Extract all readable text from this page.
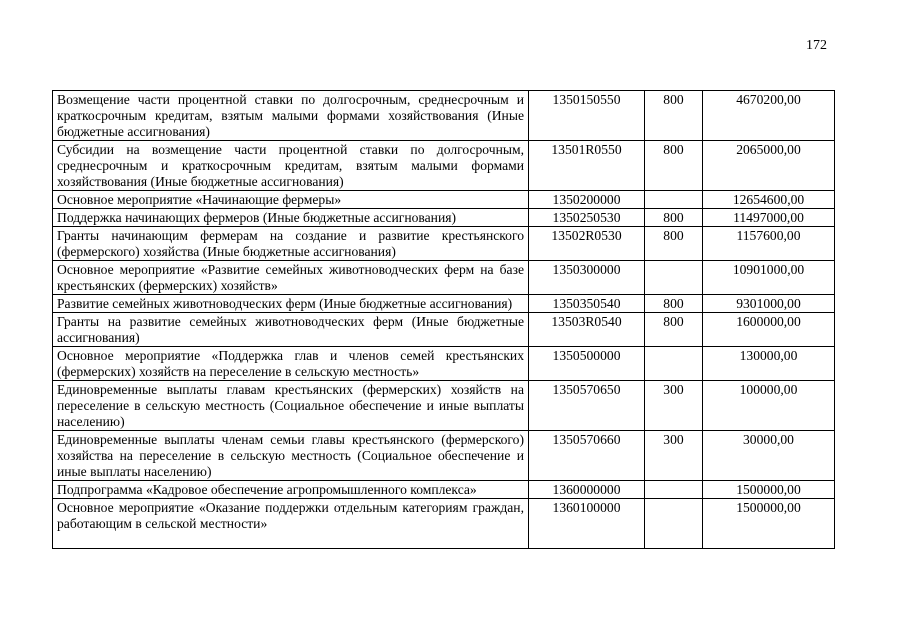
172
Возмещение части процентной ставки по долгосрочным, среднесрочным и краткосрочным кредитам, взятым малыми формами хозяйствования (Иные бюджетные ассигнования)	1350150550	800	4670200,00
Субсидии на возмещение части процентной ставки по долгосрочным, среднесрочным и краткосрочным кредитам, взятым малыми формами хозяйствования (Иные бюджетные ассигнования)	13501R0550	800	2065000,00
Основное мероприятие «Начинающие фермеры»	1350200000		12654600,00
Поддержка начинающих фермеров (Иные бюджетные ассигнования)	1350250530	800	11497000,00
Гранты начинающим фермерам на создание и развитие крестьянского (фермерского) хозяйства (Иные бюджетные ассигнования)	13502R0530	800	1157600,00
Основное мероприятие «Развитие семейных животноводческих ферм на базе крестьянских (фермерских) хозяйств»	1350300000		10901000,00
Развитие семейных животноводческих ферм (Иные бюджетные ассигнования)	1350350540	800	9301000,00
Гранты на развитие семейных животноводческих ферм (Иные бюджетные ассигнования)	13503R0540	800	1600000,00
Основное мероприятие «Поддержка глав и членов семей крестьянских (фермерских) хозяйств на переселение в сельскую местность»	1350500000		130000,00
Единовременные выплаты главам крестьянских (фермерских) хозяйств на переселение в сельскую местность (Социальное обеспечение и иные выплаты населению)	1350570650	300	100000,00
Единовременные выплаты членам семьи главы крестьянского (фермерского) хозяйства на переселение в сельскую местность (Социальное обеспечение и иные выплаты населению)	1350570660	300	30000,00
Подпрограмма «Кадровое обеспечение агропромышленного комплекса»	1360000000		1500000,00
Основное мероприятие «Оказание поддержки отдельным категориям граждан, работающим в сельской местности»	1360100000		1500000,00
